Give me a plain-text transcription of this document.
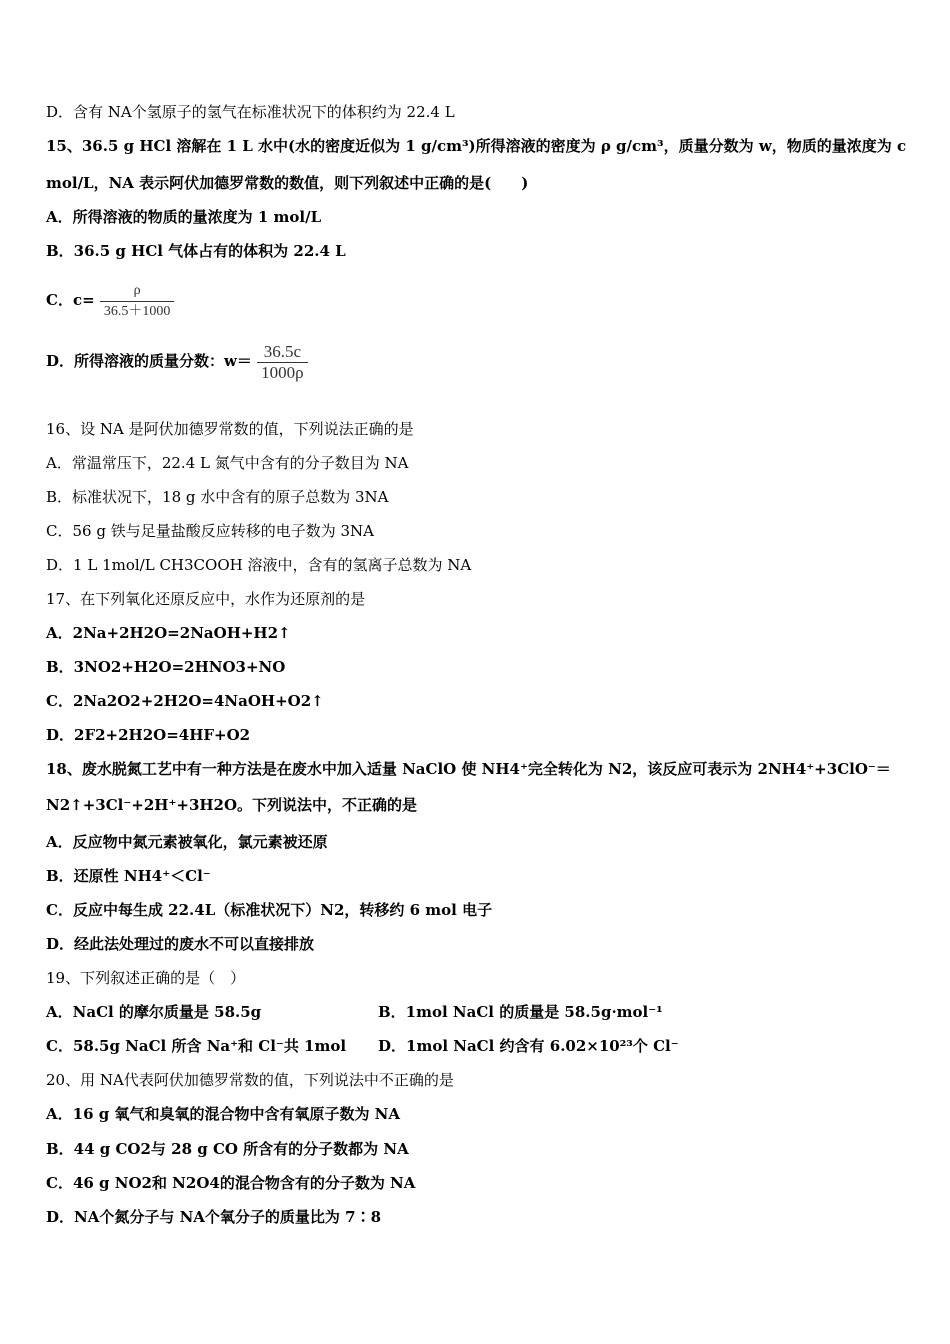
D．含有 NA个氢原子的氢气在标准状况下的体积约为 22.4 L
15、36.5 g HCl 溶解在 1 L 水中(水的密度近似为 1 g/cm³)所得溶液的密度为 ρ g/cm³，质量分数为 w，物质的量浓度为 c
mol/L，NA 表示阿伏加德罗常数的数值，则下列叙述中正确的是(　　)
A．所得溶液的物质的量浓度为 1 mol/L
B．36.5 g HCl 气体占有的体积为 22.4 L
C．$c= \frac{\rho}{36.5+1000}$
D．所得溶液的质量分数：$w= \frac{36.5c}{1000\rho}$
16、设 NA 是阿伏加德罗常数的值，下列说法正确的是
A．常温常压下，22.4 L 氮气中含有的分子数目为 NA
B．标准状况下，18 g 水中含有的原子总数为 3NA
C．56 g 铁与足量盐酸反应转移的电子数为 3NA
D．1 L 1mol/L CH3COOH 溶液中，含有的氢离子总数为 NA
17、在下列氧化还原反应中，水作为还原剂的是
A．2Na+2H2O=2NaOH+H2↑
B．3NO2+H2O=2HNO3+NO
C．2Na2O2+2H2O=4NaOH+O2↑
D．2F2+2H2O=4HF+O2
18、废水脱氮工艺中有一种方法是在废水中加入适量 NaClO 使 NH4⁺完全转化为 N2，该反应可表示为 2NH4⁺+3ClO⁻＝
N2↑+3Cl⁻+2H⁺+3H2O。下列说法中，不正确的是
A．反应物中氮元素被氧化，氯元素被还原
B．还原性 NH4⁺＜Cl⁻
C．反应中每生成 22.4L（标准状况下）N2，转移约 6 mol 电子
D．经此法处理过的废水不可以直接排放
19、下列叙述正确的是（　）
A．NaCl 的摩尔质量是 58.5g	B．1mol NaCl 的质量是 58.5g·mol⁻¹
C．58.5g NaCl 所含 Na⁺和 Cl⁻共 1mol D．1mol NaCl 约含有 6.02×10²³个 Cl⁻
20、用 NA代表阿伏加德罗常数的值，下列说法中不正确的是
A．16 g 氧气和臭氧的混合物中含有氧原子数为 NA
B．44 g CO2与 28 g CO 所含有的分子数都为 NA
C．46 g NO2和 N2O4的混合物含有的分子数为 NA
D．NA个氮分子与 NA个氧分子的质量比为 7∶8
